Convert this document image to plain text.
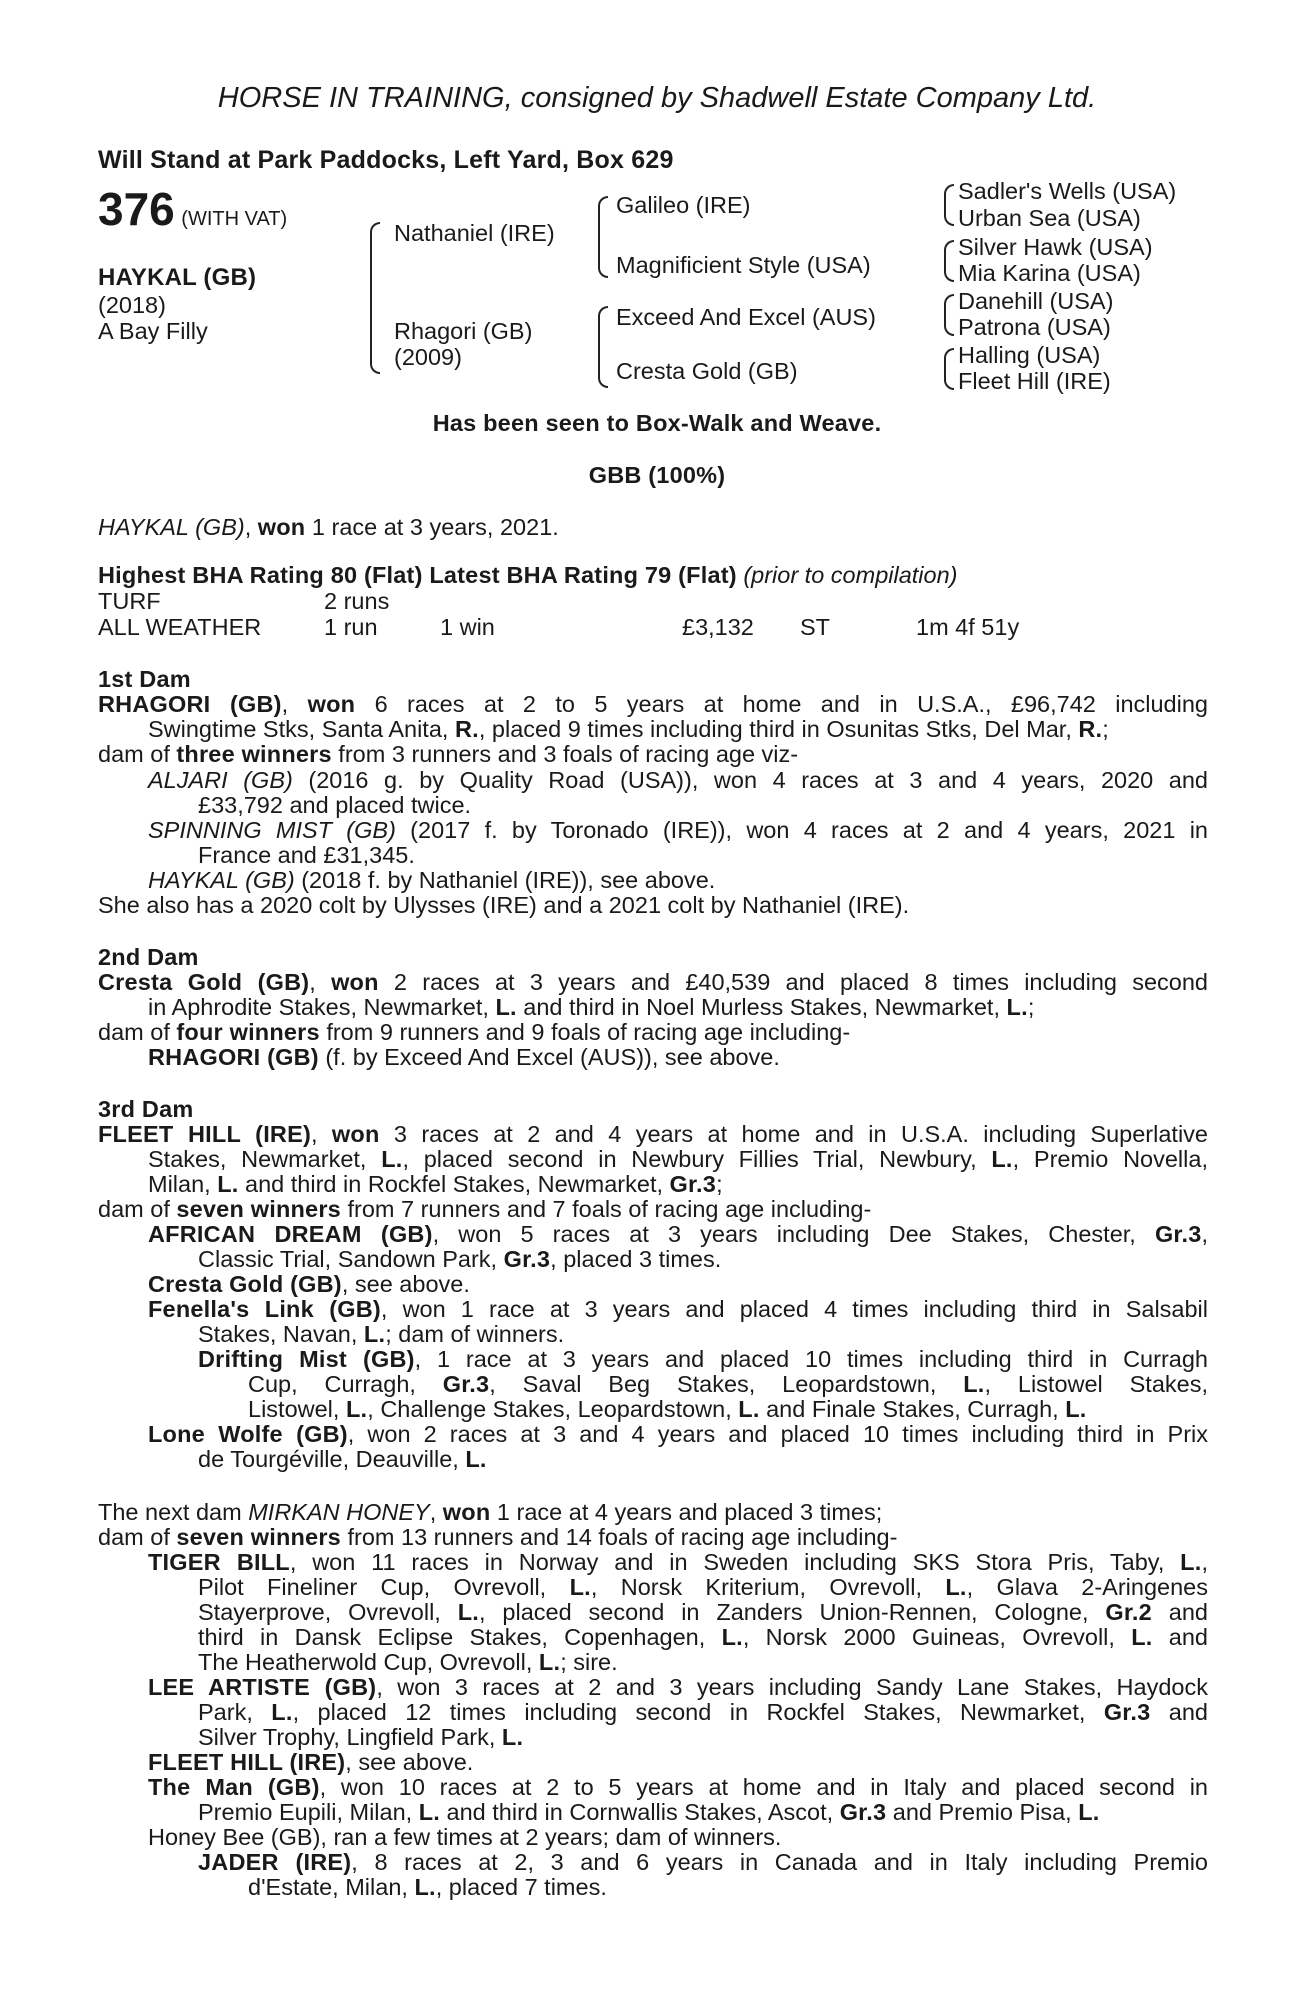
HORSE IN TRAINING, consigned by Shadwell Estate Company Ltd.
Will Stand at Park Paddocks, Left Yard, Box 629
376 (WITH VAT)
HAYKAL (GB)
(2018)
A Bay Filly
Nathaniel (IRE)
Rhagori (GB)
(2009)
Galileo (IRE)
Magnificient Style (USA)
Exceed And Excel (AUS)
Cresta Gold (GB)
Sadler's Wells (USA)
Urban Sea (USA)
Silver Hawk (USA)
Mia Karina (USA)
Danehill (USA)
Patrona (USA)
Halling (USA)
Fleet Hill (IRE)
Has been seen to Box-Walk and Weave.
GBB (100%)
HAYKAL (GB), won 1 race at 3 years, 2021.
Highest BHA Rating 80 (Flat) Latest BHA Rating 79 (Flat) (prior to compilation)
TURF	2 runs
ALL WEATHER	1 run	1 win	£3,132 ST	1m 4f 51y
1st Dam
RHAGORI (GB), won 6 races at 2 to 5 years at home and in U.S.A., £96,742 including
Swingtime Stks, Santa Anita, R., placed 9 times including third in Osunitas Stks, Del Mar, R.;
dam of three winners from 3 runners and 3 foals of racing age viz-
ALJARI (GB) (2016 g. by Quality Road (USA)), won 4 races at 3 and 4 years, 2020 and
£33,792 and placed twice.
SPINNING MIST (GB) (2017 f. by Toronado (IRE)), won 4 races at 2 and 4 years, 2021 in
France and £31,345.
HAYKAL (GB) (2018 f. by Nathaniel (IRE)), see above.
She also has a 2020 colt by Ulysses (IRE) and a 2021 colt by Nathaniel (IRE).
2nd Dam
Cresta Gold (GB), won 2 races at 3 years and £40,539 and placed 8 times including second
in Aphrodite Stakes, Newmarket, L. and third in Noel Murless Stakes, Newmarket, L.;
dam of four winners from 9 runners and 9 foals of racing age including-
RHAGORI (GB) (f. by Exceed And Excel (AUS)), see above.
3rd Dam
FLEET HILL (IRE), won 3 races at 2 and 4 years at home and in U.S.A. including Superlative
Stakes, Newmarket, L., placed second in Newbury Fillies Trial, Newbury, L., Premio Novella,
Milan, L. and third in Rockfel Stakes, Newmarket, Gr.3;
dam of seven winners from 7 runners and 7 foals of racing age including-
AFRICAN DREAM (GB), won 5 races at 3 years including Dee Stakes, Chester, Gr.3,
Classic Trial, Sandown Park, Gr.3, placed 3 times.
Cresta Gold (GB), see above.
Fenella's Link (GB), won 1 race at 3 years and placed 4 times including third in Salsabil
Stakes, Navan, L.; dam of winners.
Drifting Mist (GB), 1 race at 3 years and placed 10 times including third in Curragh
Cup, Curragh, Gr.3, Saval Beg Stakes, Leopardstown, L., Listowel Stakes,
Listowel, L., Challenge Stakes, Leopardstown, L. and Finale Stakes, Curragh, L.
Lone Wolfe (GB), won 2 races at 3 and 4 years and placed 10 times including third in Prix
de Tourgéville, Deauville, L.
The next dam MIRKAN HONEY, won 1 race at 4 years and placed 3 times;
dam of seven winners from 13 runners and 14 foals of racing age including-
TIGER BILL, won 11 races in Norway and in Sweden including SKS Stora Pris, Taby, L.,
Pilot Fineliner Cup, Ovrevoll, L., Norsk Kriterium, Ovrevoll, L., Glava 2-Aringenes
Stayerprove, Ovrevoll, L., placed second in Zanders Union-Rennen, Cologne, Gr.2 and
third in Dansk Eclipse Stakes, Copenhagen, L., Norsk 2000 Guineas, Ovrevoll, L. and
The Heatherwold Cup, Ovrevoll, L.; sire.
LEE ARTISTE (GB), won 3 races at 2 and 3 years including Sandy Lane Stakes, Haydock
Park, L., placed 12 times including second in Rockfel Stakes, Newmarket, Gr.3 and
Silver Trophy, Lingfield Park, L.
FLEET HILL (IRE), see above.
The Man (GB), won 10 races at 2 to 5 years at home and in Italy and placed second in
Premio Eupili, Milan, L. and third in Cornwallis Stakes, Ascot, Gr.3 and Premio Pisa, L.
Honey Bee (GB), ran a few times at 2 years; dam of winners.
JADER (IRE), 8 races at 2, 3 and 6 years in Canada and in Italy including Premio
d'Estate, Milan, L., placed 7 times.
